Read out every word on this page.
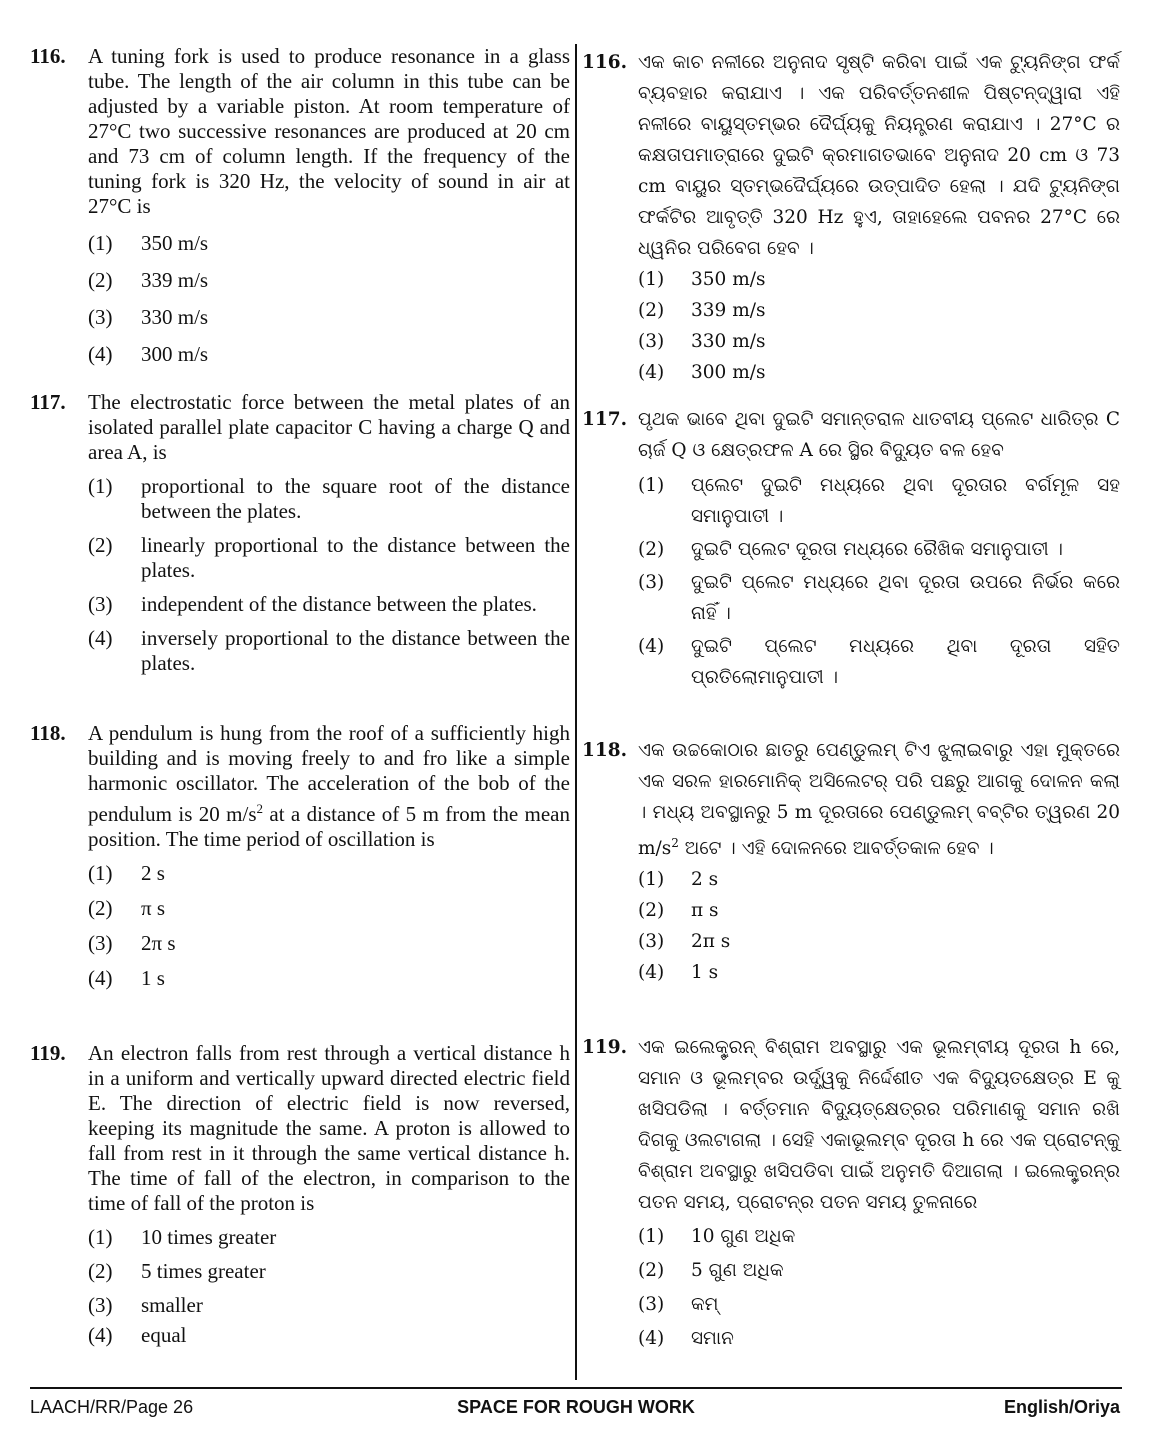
116.	A tuning fork is used to produce resonance in a glass tube. The length of the air column in this tube can be adjusted by a variable piston. At room temperature of 27°C two successive resonances are produced at 20 cm and 73 cm of column length. If the frequency of the tuning fork is 320 Hz, the velocity of sound in air at 27°C is
(1)	350 m/s
(2)	339 m/s
(3)	330 m/s
(4)	300 m/s
117.	The electrostatic force between the metal plates of an isolated parallel plate capacitor C having a charge Q and area A, is
(1)	proportional to the square root of the distance between the plates.
(2)	linearly proportional to the distance between the plates.
(3)	independent of the distance between the plates.
(4)	inversely proportional to the distance between the plates.
118.	A pendulum is hung from the roof of a sufficiently high building and is moving freely to and fro like a simple harmonic oscillator. The acceleration of the bob of the pendulum is 20 $m/s^2$ at a distance of 5 m from the mean position. The time period of oscillation is
(1)	2 s
(2)	π s
(3)	2π s
(4)	1 s
119.	An electron falls from rest through a vertical distance h in a uniform and vertically upward directed electric field E. The direction of electric field is now reversed, keeping its magnitude the same. A proton is allowed to fall from rest in it through the same vertical distance h. The time of fall of the electron, in comparison to the time of fall of the proton is
(1)	10 times greater
(2)	5 times greater
(3)	smaller
(4)	equal
116. ଏକ କାଚ ନଳୀରେ ଅନୁନାଦ ସୃଷ୍ଟି କରିବା ପାଇଁ ଏକ ଟ୍ୟୁନିଙ୍ଗ ଫର୍କ ବ୍ୟବହାର କରାଯାଏ । ଏକ ପରିବର୍ତ୍ତନଶୀଳ ପିଷ୍ଟନ୍‌ଦ୍ୱାରା ଏହି ନଳୀରେ ବାୟୁସ୍ତମ୍ଭର ଦୈର୍ଘ୍ୟକୁ ନିୟନ୍ତ୍ରଣ କରାଯାଏ । 27°C ର କକ୍ଷତାପମାତ୍ରାରେ ଦୁଇଟି କ୍ରମାଗତଭାବେ ଅନୁନାଦ 20 cm ଓ 73 cm ବାୟୁର ସ୍ତମ୍ଭଦୈର୍ଘ୍ୟରେ ଉତ୍ପାଦିତ ହେଲା । ଯଦି ଟ୍ୟୁନିଙ୍ଗ ଫର୍କଟିର ଆବୃତ୍ତି 320 Hz ହୁଏ, ତାହାହେଲେ ପବନର 27°C ରେ ଧ୍ୱନିର ପରିବେଗ ହେବ ।
(1)	350 m/s
(2)	339 m/s
(3)	330 m/s
(4)	300 m/s
117. ପୃଥକ ଭାବେ ଥିବା ଦୁଇଟି ସମାନ୍ତରାଳ ଧାତବୀୟ ପ୍ଲେଟ ଧାରିତ୍ର C ଚାର୍ଜ Q ଓ କ୍ଷେତ୍ରଫଳ A ରେ ସ୍ଥିର ବିଦ୍ୟୁତ ବଳ ହେବ
(1)	ପ୍ଲେଟ ଦୁଇଟି ମଧ୍ୟରେ ଥିବା ଦୂରତାର ବର୍ଗମୂଳ ସହ ସମାନୁପାତୀ ।
(2)	ଦୁଇଟି ପ୍ଲେଟ ଦୂରତା ମଧ୍ୟରେ ରୈଖିକ ସମାନୁପାତୀ ।
(3)	ଦୁଇଟି ପ୍ଲେଟ ମଧ୍ୟରେ ଥିବା ଦୂରତା ଉପରେ ନିର୍ଭର କରେ ନାହିଁ ।
(4)	ଦୁଇଟି ପ୍ଲେଟ ମଧ୍ୟରେ ଥିବା ଦୂରତା ସହିତ ପ୍ରତିଲୋମାନୁପାତୀ ।
118. ଏକ ଉଚ୍ଚକୋଠାର ଛାତରୁ ପେଣ୍ଡୁଲମ୍ ଟିଏ ଝୁଲାଇବାରୁ ଏହା ମୁକ୍ତରେ ଏକ ସରଳ ହାରମୋନିକ୍ ଅସିଲେଟର୍ ପରି ପଛରୁ ଆଗକୁ ଦୋଳନ କଲା । ମଧ୍ୟ ଅବସ୍ଥାନରୁ 5 m ଦୂରତାରେ ପେଣ୍ଡୁଲମ୍ ବବ୍‌ଟିର ତ୍ୱରଣ 20 $m/s^2$ ଅଟେ । ଏହି ଦୋଳନରେ ଆବର୍ତ୍ତକାଳ ହେବ ।
(1)	2 s
(2)	π s
(3)	2π s
(4)	1 s
119. ଏକ ଇଲେକ୍ଟ୍ରନ୍ ବିଶ୍ରାମ ଅବସ୍ଥାରୁ ଏକ ଭୂଲମ୍ବୀୟ ଦୂରତା h ରେ, ସମାନ ଓ ଭୂଲମ୍ବର ଉର୍ଦ୍ଧ୍ୱକୁ ନିର୍ଦ୍ଦେଶୀତ ଏକ ବିଦ୍ୟୁତକ୍ଷେତ୍ର E କୁ ଖସିପଡିଲା । ବର୍ତ୍ତମାନ ବିଦ୍ୟୁତ୍‌କ୍ଷେତ୍ରର ପରିମାଣକୁ ସମାନ ରଖି ଦିଗକୁ ଓଲଟାଗଲା । ସେହି ଏକାଭୂଲମ୍ବ ଦୂରତା h ରେ ଏକ ପ୍ରୋଟନ୍‌କୁ ବିଶ୍ରାମ ଅବସ୍ଥାରୁ ଖସିପଡିବା ପାଇଁ ଅନୁମତି ଦିଆଗଲା । ଇଲେକ୍ଟ୍ରନ୍‌ର ପତନ ସମୟ, ପ୍ରୋଟନ୍‌ର ପତନ ସମୟ ତୁଳନାରେ
(1)	10 ଗୁଣ ଅଧିକ
(2)	5 ଗୁଣ ଅଧିକ
(3)	କମ୍
(4)	ସମାନ
LAACH/RR/Page 26	SPACE FOR ROUGH WORK	English/Oriya
